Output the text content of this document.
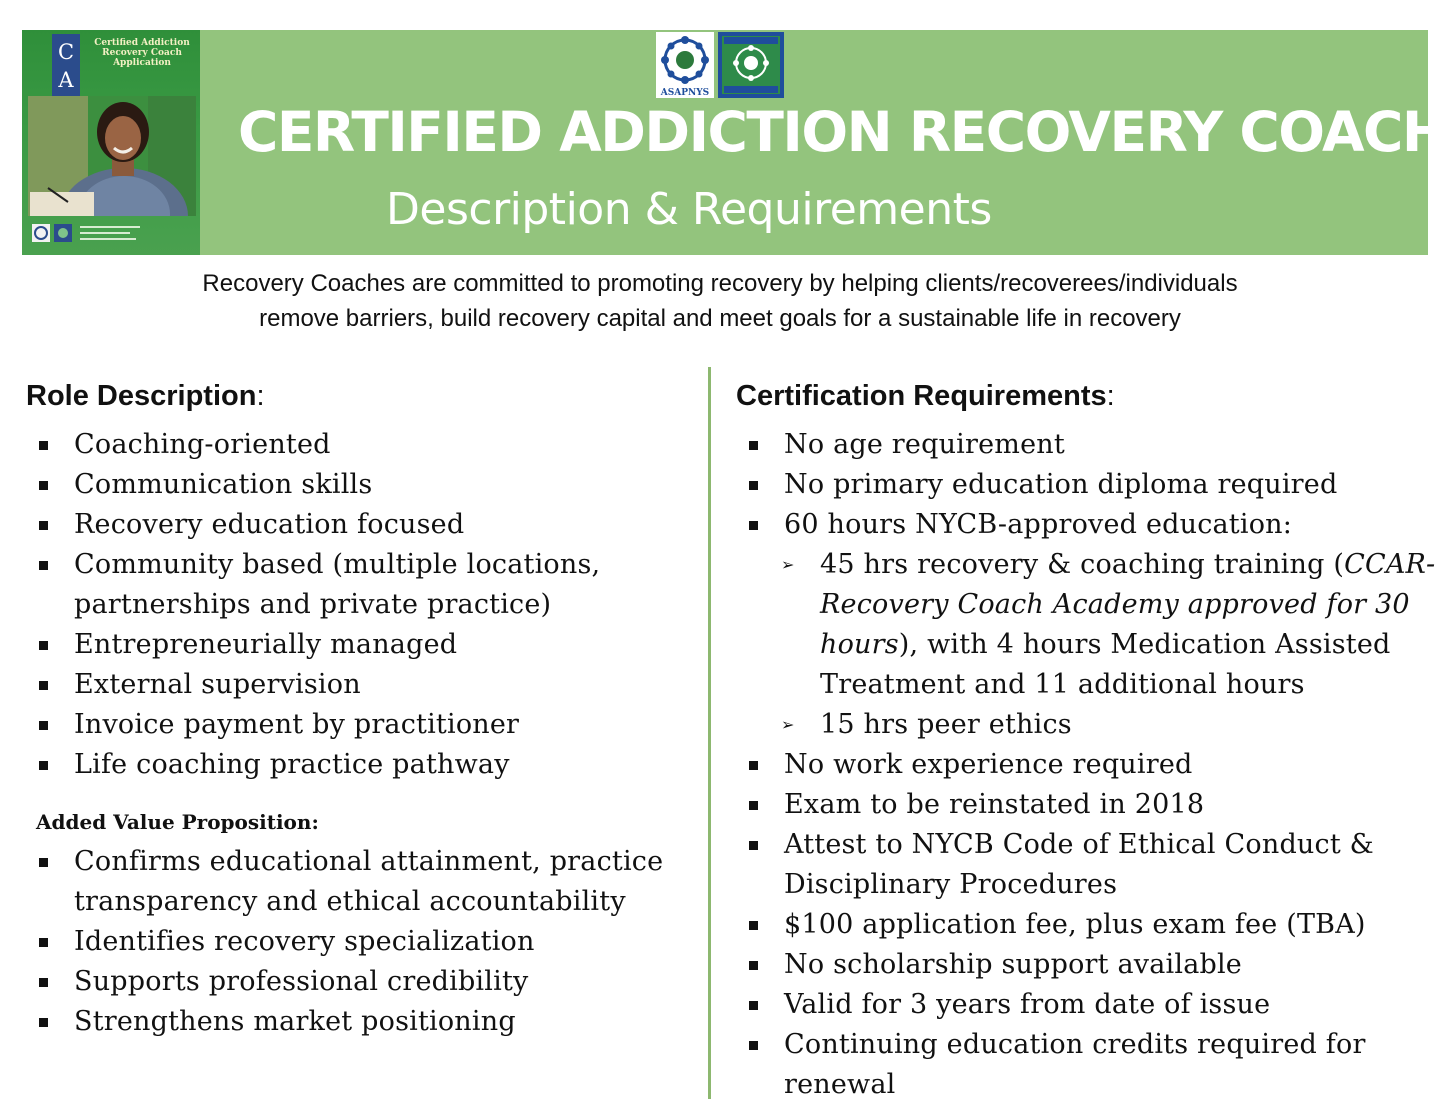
C
A
Certified Addiction Recovery Coach Application
ASAPNYS
CERTIFIED ADDICTION RECOVERY COACH
Description & Requirements
Recovery Coaches are committed to promoting recovery by helping clients/recoverees/individuals
remove barriers, build recovery capital and meet goals for a sustainable life in recovery
Role Description:
Coaching-oriented
Communication skills
Recovery education focused
Community based (multiple locations, partnerships and private practice)
Entrepreneurially managed
External supervision
Invoice payment by practitioner
Life coaching practice pathway
Added Value Proposition:
Confirms educational attainment, practice transparency and ethical accountability
Identifies recovery specialization
Supports professional credibility
Strengthens market positioning
Certification Requirements:
No age requirement
No primary education diploma required
60 hours NYCB-approved education:
➢ 45 hrs recovery & coaching training (CCAR-Recovery Coach Academy approved for 30 hours), with 4 hours Medication Assisted Treatment and 11 additional hours
➢ 15 hrs peer ethics
No work experience required
Exam to be reinstated in 2018
Attest to NYCB Code of Ethical Conduct & Disciplinary Procedures
$100 application fee, plus exam fee (TBA)
No scholarship support available
Valid for 3 years from date of issue
Continuing education credits required for renewal
